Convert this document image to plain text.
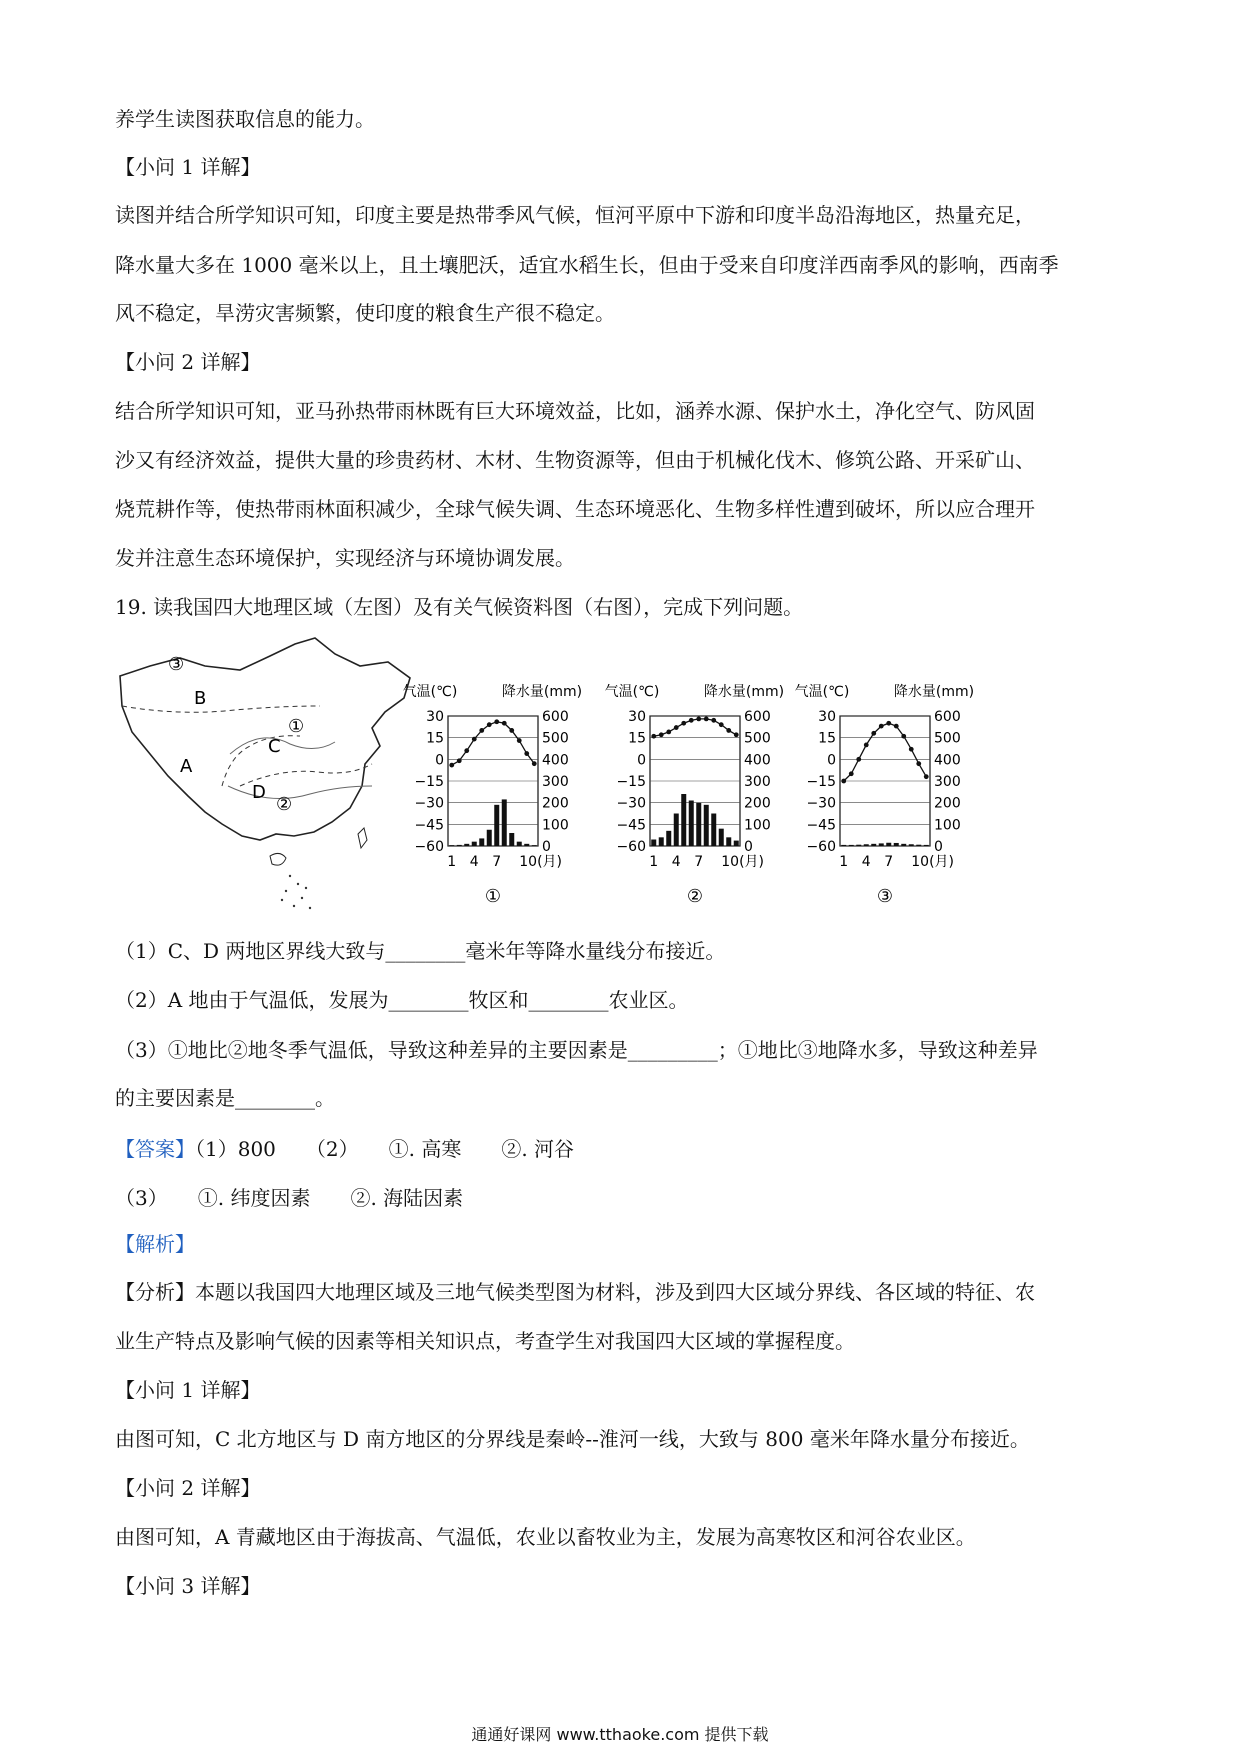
养学生读图获取信息的能力。
【小问 1 详解】
读图并结合所学知识可知，印度主要是热带季风气候，恒河平原中下游和印度半岛沿海地区，热量充足，
降水量大多在 1000 毫米以上，且土壤肥沃，适宜水稻生长，但由于受来自印度洋西南季风的影响，西南季
风不稳定，旱涝灾害频繁，使印度的粮食生产很不稳定。
【小问 2 详解】
结合所学知识可知，亚马孙热带雨林既有巨大环境效益，比如，涵养水源、保护水土，净化空气、防风固
沙又有经济效益，提供大量的珍贵药材、木材、生物资源等，但由于机械化伐木、修筑公路、开采矿山、
烧荒耕作等，使热带雨林面积减少，全球气候失调、生态环境恶化、生物多样性遭到破坏，所以应合理开
发并注意生态环境保护，实现经济与环境协调发展。
19. 读我国四大地理区域（左图）及有关气候资料图（右图），完成下列问题。
（1）C、D 两地区界线大致与________毫米年等降水量线分布接近。
（2）A 地由于气温低，发展为________牧区和________农业区。
（3）①地比②地冬季气温低，导致这种差异的主要因素是_________；①地比③地降水多，导致这种差异
的主要因素是________。
【分析】本题以我国四大地理区域及三地气候类型图为材料，涉及到四大区域分界线、各区域的特征、农
业生产特点及影响气候的因素等相关知识点，考查学生对我国四大区域的掌握程度。
【小问 1 详解】
由图可知，C 北方地区与 D 南方地区的分界线是秦岭--淮河一线，大致与 800 毫米年降水量分布接近。
【小问 2 详解】
由图可知，A 青藏地区由于海拔高、气温低，农业以畜牧业为主，发展为高寒牧区和河谷农业区。
【小问 3 详解】
【答案】（1）800　　（2）　　①. 高寒　　②. 河谷
（3）　　①. 纬度因素　　②. 海陆因素
【解析】
③
B
①
C
A
D
②
气温(℃)	降水量(mm)
30	600
15	500
0	400
−15	300
−30	200
−45	100
−60	0
1 4 7 10(月)
①
气温(℃)	降水量(mm)
30	600
15	500
0	400
−15	300
−30	200
−45	100
−60	0
1 4 7 10(月)
②
气温(℃)	降水量(mm)
30	600
15	500
0	400
−15	300
−30	200
−45	100
−60	0
1 4 7 10(月)
③
通通好课网 www.tthaoke.com 提供下载
